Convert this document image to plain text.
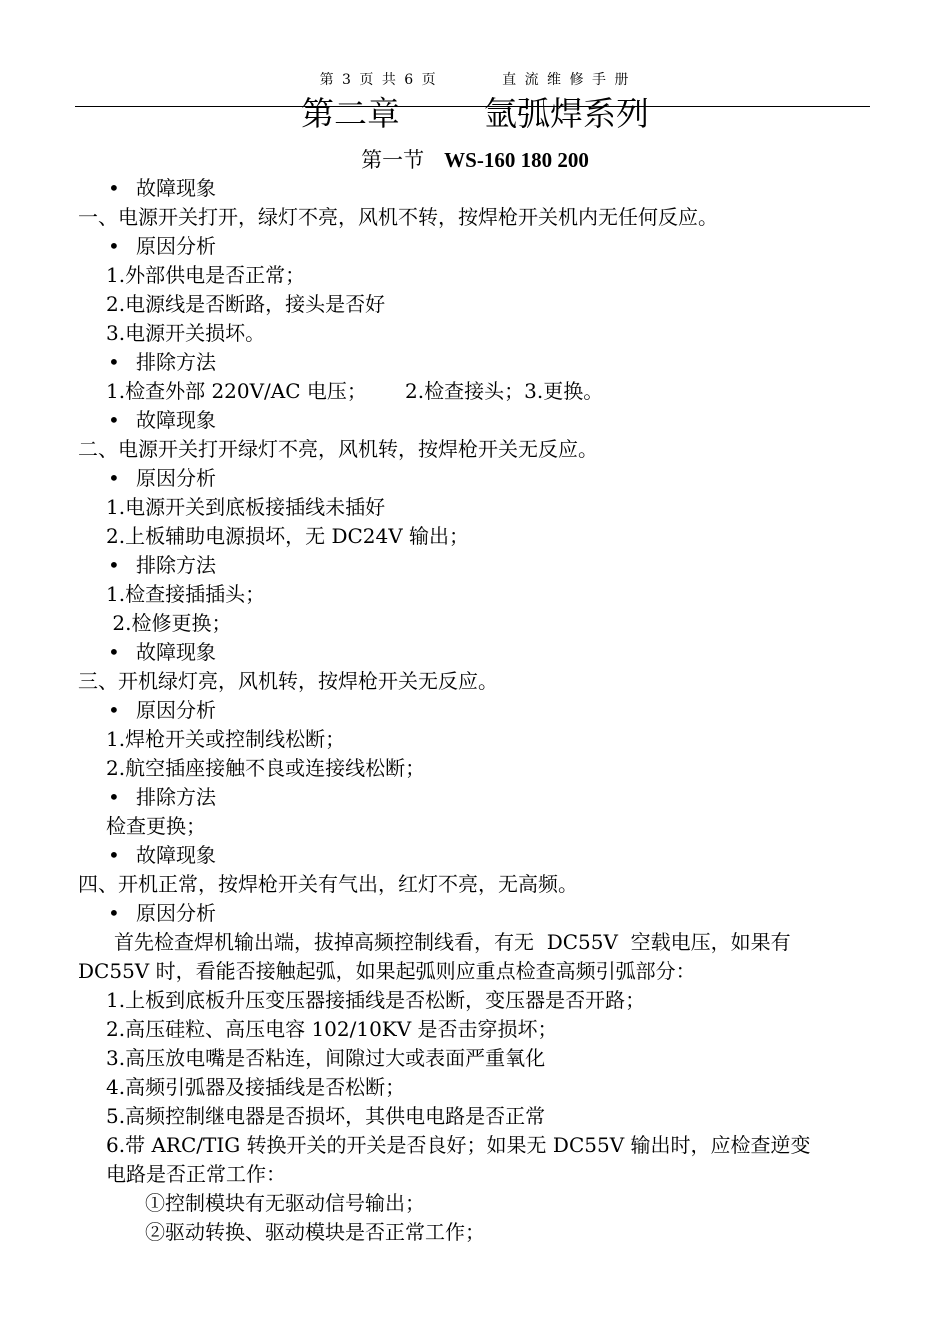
第 3 页 共 6 页	直 流 维 修 手 册
第二章	氩弧焊系列
第一节 WS-160 180 200
• 故障现象
一、电源开关打开，绿灯不亮，风机不转，按焊枪开关机内无任何反应。
• 原因分析
1.外部供电是否正常；
2.电源线是否断路，接头是否好
3.电源开关损坏。
• 排除方法
1.检查外部 220V/AC 电压；      2.检查接头；3.更换。
• 故障现象
二、电源开关打开绿灯不亮，风机转，按焊枪开关无反应。
• 原因分析
1.电源开关到底板接插线未插好
2.上板辅助电源损坏，无 DC24V 输出；
• 排除方法
1.检查接插插头；
2.检修更换；
• 故障现象
三、开机绿灯亮，风机转，按焊枪开关无反应。
• 原因分析
1.焊枪开关或控制线松断；
2.航空插座接触不良或连接线松断；
• 排除方法
检查更换；
• 故障现象
四、开机正常，按焊枪开关有气出，红灯不亮，无高频。
• 原因分析
首先检查焊机输出端，拔掉高频控制线看，有无  DC55V  空载电压，如果有
DC55V 时，看能否接触起弧，如果起弧则应重点检查高频引弧部分：
1.上板到底板升压变压器接插线是否松断，变压器是否开路；
2.高压硅粒、高压电容 102/10KV 是否击穿损坏；
3.高压放电嘴是否粘连，间隙过大或表面严重氧化
4.高频引弧器及接插线是否松断；
5.高频控制继电器是否损坏，其供电电路是否正常
6.带 ARC/TIG 转换开关的开关是否良好；如果无 DC55V 输出时，应检查逆变
电路是否正常工作：
①控制模块有无驱动信号输出；
②驱动转换、驱动模块是否正常工作；
